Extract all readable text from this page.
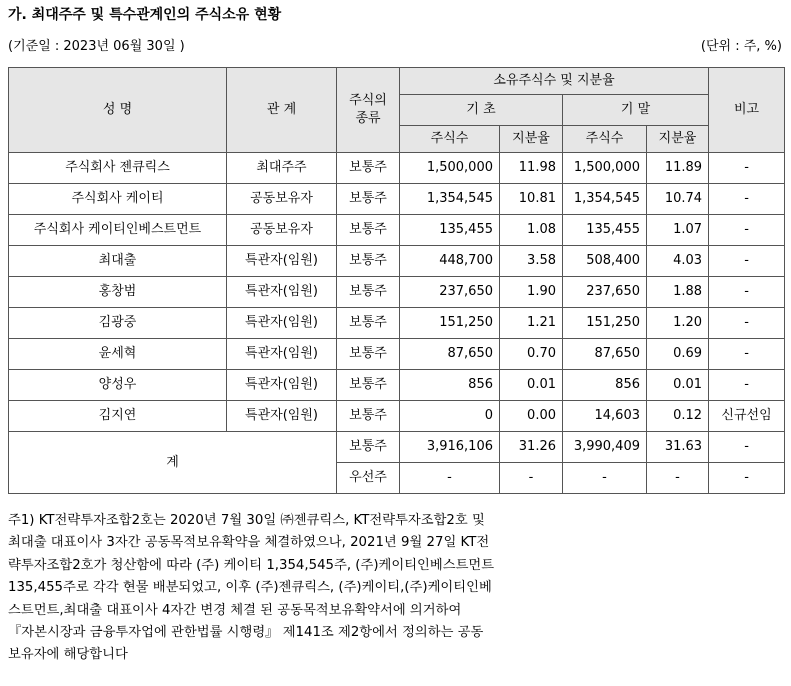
가. 최대주주 및 특수관계인의 주식소유 현황
(기준일 : 2023년 06월 30일 )	(단위 : 주, %)
성 명	관 계	주식의 종류	소유주식수 및 지분율				비고
			기 초		기 말		
			주식수	지분율	주식수	지분율	
주식회사 젠큐릭스	최대주주	보통주	1,500,000	11.98	1,500,000	11.89	-
주식회사 케이티	공동보유자	보통주	1,354,545	10.81	1,354,545	10.74	-
주식회사 케이티인베스트먼트	공동보유자	보통주	135,455	1.08	135,455	1.07	-
최대출	특관자(임원)	보통주	448,700	3.58	508,400	4.03	-
홍창범	특관자(임원)	보통주	237,650	1.90	237,650	1.88	-
김광중	특관자(임원)	보통주	151,250	1.21	151,250	1.20	-
윤세혁	특관자(임원)	보통주	87,650	0.70	87,650	0.69	-
양성우	특관자(임원)	보통주	856	0.01	856	0.01	-
김지연	특관자(임원)	보통주	0	0.00	14,603	0.12	신규선임
계		보통주	3,916,106	31.26	3,990,409	31.63	-
		우선주	-	-	-	-	-
주1) KT전략투자조합2호는 2020년 7월 30일 ㈜젠큐릭스, KT전략투자조합2호 및
최대출 대표이사 3자간 공동목적보유확약을 체결하였으나, 2021년 9월 27일 KT전
략투자조합2호가 청산함에 따라 (주) 케이티 1,354,545주, (주)케이티인베스트먼트
135,455주로 각각 현물 배분되었고, 이후 (주)젠큐릭스, (주)케이티,(주)케이티인베
스트먼트,최대출 대표이사 4자간 변경 체결 된 공동목적보유확약서에 의거하여
『자본시장과 금융투자업에 관한법률 시행령』 제141조 제2항에서 정의하는 공동
보유자에 해당합니다
